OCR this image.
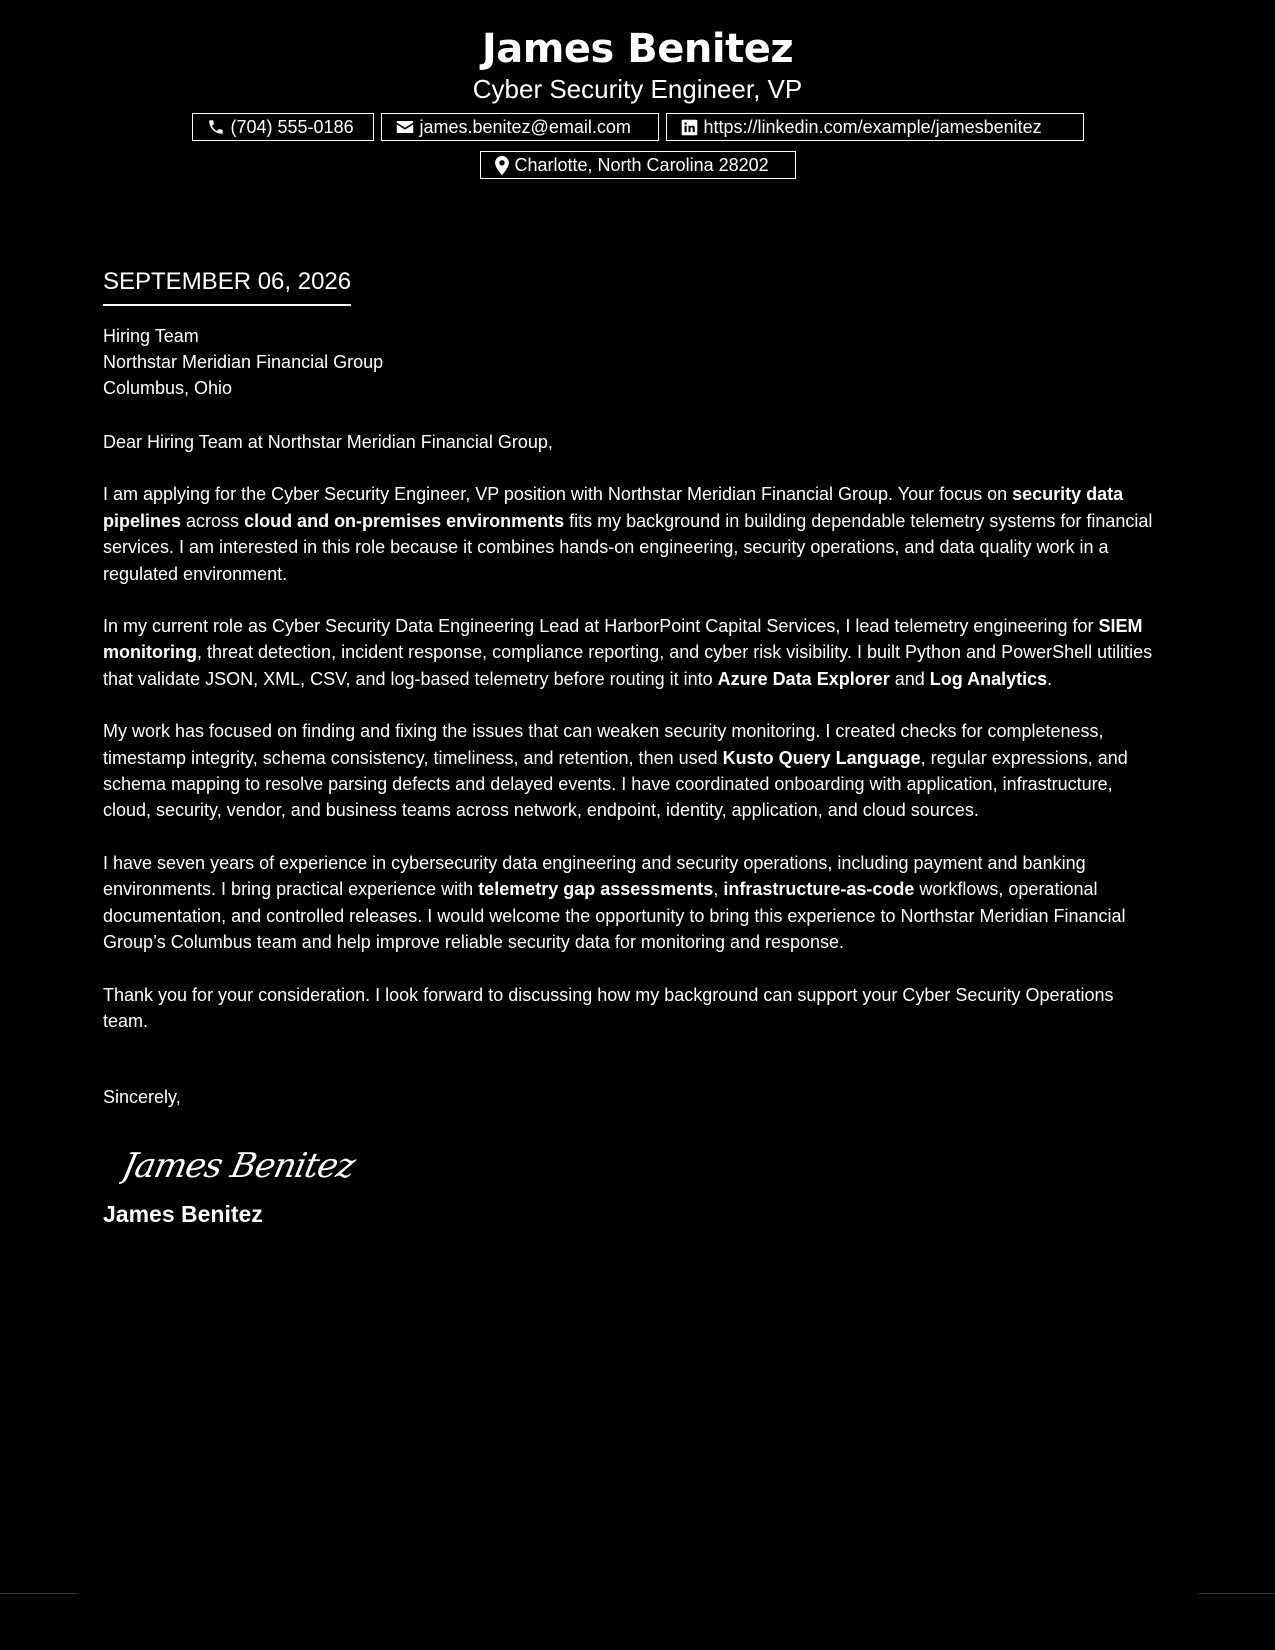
James Benitez
Cyber Security Engineer, VP
(704) 555-0186	james.benitez@email.com	https://linkedin.com/example/jamesbenitez
Charlotte, North Carolina 28202
SEPTEMBER 06, 2026
Hiring Team
Northstar Meridian Financial Group
Columbus, Ohio
Dear Hiring Team at Northstar Meridian Financial Group,

I am applying for the Cyber Security Engineer, VP position with Northstar Meridian Financial Group. Your focus on security data pipelines across cloud and on-premises environments fits my background in building dependable telemetry systems for financial services. I am interested in this role because it combines hands-on engineering, security operations, and data quality work in a regulated environment.

In my current role as Cyber Security Data Engineering Lead at HarborPoint Capital Services, I lead telemetry engineering for SIEM monitoring, threat detection, incident response, compliance reporting, and cyber risk visibility. I built Python and PowerShell utilities that validate JSON, XML, CSV, and log-based telemetry before routing it into Azure Data Explorer and Log Analytics.

My work has focused on finding and fixing the issues that can weaken security monitoring. I created checks for completeness, timestamp integrity, schema consistency, timeliness, and retention, then used Kusto Query Language, regular expressions, and schema mapping to resolve parsing defects and delayed events. I have coordinated onboarding with application, infrastructure, cloud, security, vendor, and business teams across network, endpoint, identity, application, and cloud sources.

I have seven years of experience in cybersecurity data engineering and security operations, including payment and banking environments. I bring practical experience with telemetry gap assessments, infrastructure-as-code workflows, operational documentation, and controlled releases. I would welcome the opportunity to bring this experience to Northstar Meridian Financial Group’s Columbus team and help improve reliable security data for monitoring and response.

Thank you for your consideration. I look forward to discussing how my background can support your Cyber Security Operations team.

Sincerely,
James Benitez
James Benitez
